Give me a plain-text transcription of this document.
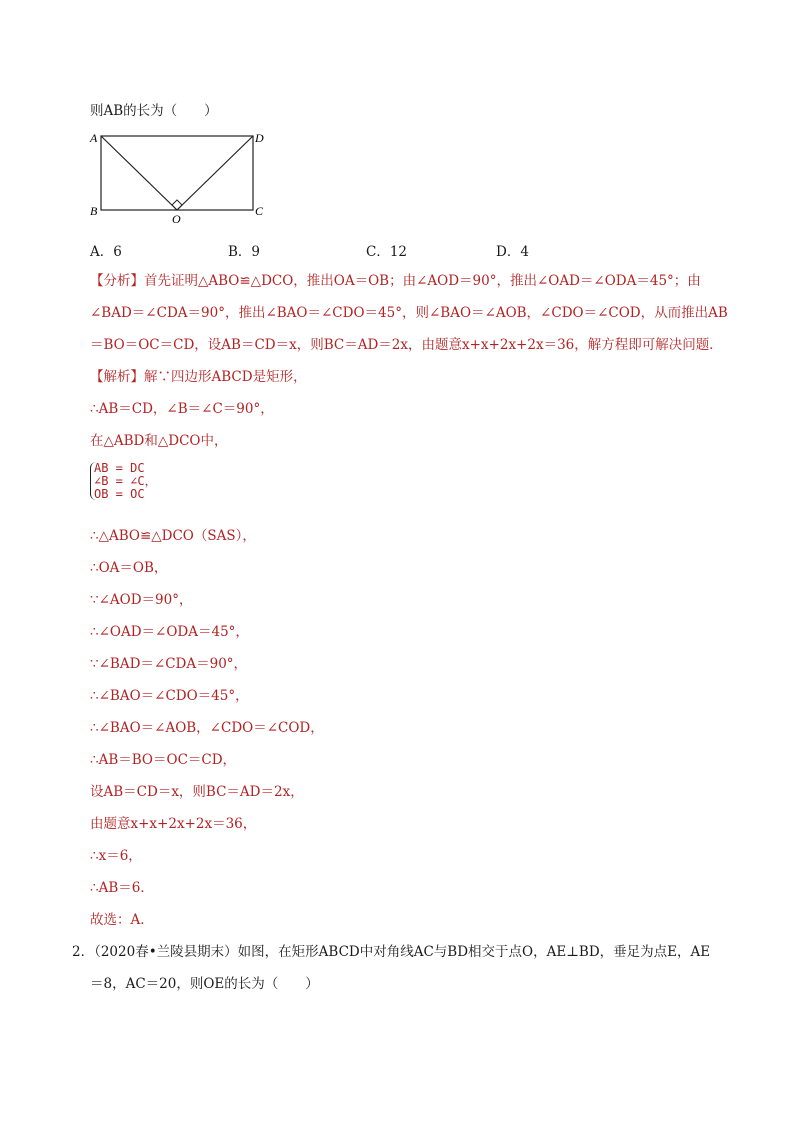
则AB的长为（　　）
A	D
B	C
O
A．6	B．9	C．12	D．4
【分析】首先证明△ABO≌△DCO，推出OA＝OB；由∠AOD＝90°，推出∠OAD＝∠ODA＝45°；由
∠BAD＝∠CDA＝90°，推出∠BAO＝∠CDO＝45°，则∠BAO＝∠AOB，∠CDO＝∠COD，从而推出AB
＝BO＝OC＝CD，设AB＝CD＝x，则BC＝AD＝2x，由题意x+x+2x+2x＝36，解方程即可解决问题．
【解析】解∵四边形ABCD是矩形，
∴AB＝CD，∠B＝∠C＝90°，
在△ABD和△DCO中，
AB = DC
∠B = ∠C，
OB = OC
∴△ABO≌△DCO（SAS），
∴OA＝OB，
∵∠AOD＝90°，
∴∠OAD＝∠ODA＝45°，
∵∠BAD＝∠CDA＝90°，
∴∠BAO＝∠CDO＝45°，
∴∠BAO＝∠AOB，∠CDO＝∠COD，
∴AB＝BO＝OC＝CD，
设AB＝CD＝x，则BC＝AD＝2x，
由题意x+x+2x+2x＝36，
∴x＝6，
∴AB＝6．
故选：A．
2．（2020春•兰陵县期末）如图，在矩形ABCD中对角线AC与BD相交于点O，AE⊥BD，垂足为点E，AE
＝8，AC＝20，则OE的长为（　　）
